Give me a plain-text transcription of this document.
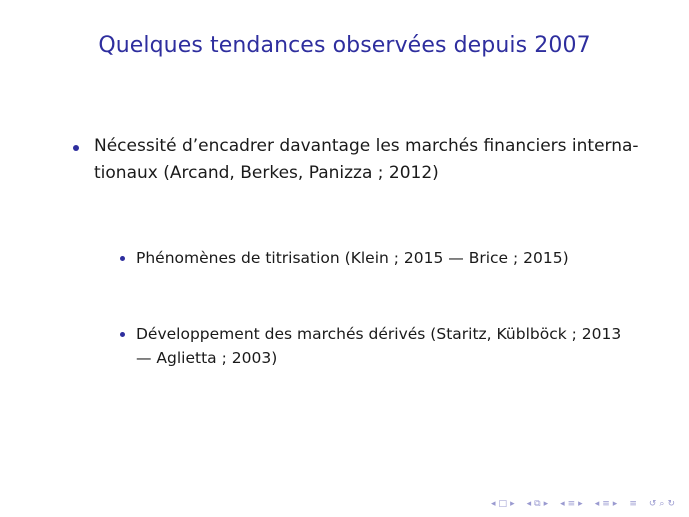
Quelques tendances observées depuis 2007
Nécessité d’encadrer davantage les marchés financiers interna-
tionaux (Arcand, Berkes, Panizza ; 2012)
Phénomènes de titrisation (Klein ; 2015 — Brice ; 2015)
Développement des marchés dérivés (Staritz, Küblböck ; 2013
— Aglietta ; 2003)
◂ □ ▸ ◂ ⧉ ▸ ◂ ≡ ▸ ◂ ≡ ▸ ≡ ↺ ⌕ ↻
